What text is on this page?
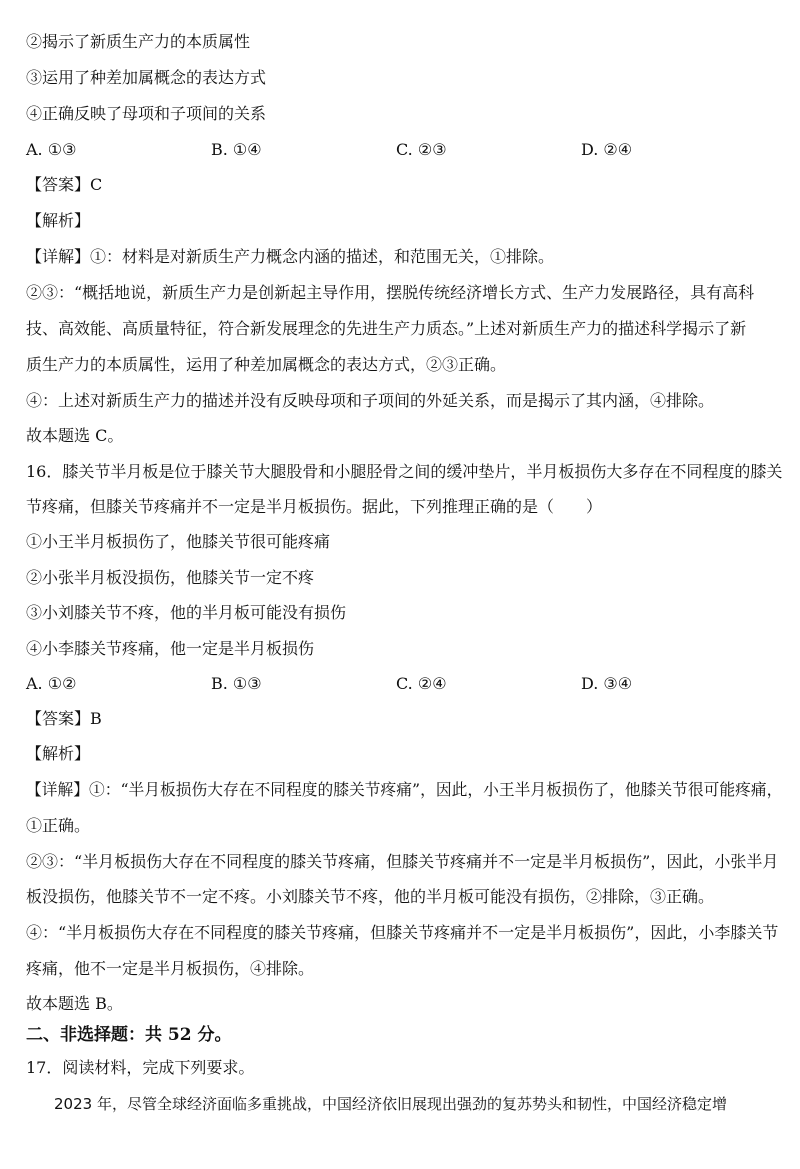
②揭示了新质生产力的本质属性
③运用了种差加属概念的表达方式
④正确反映了母项和子项间的关系
A. ①③	B. ①④	C. ②③	D. ②④
【答案】C
【解析】
【详解】①：材料是对新质生产力概念内涵的描述，和范围无关，①排除。
②③：“概括地说，新质生产力是创新起主导作用，摆脱传统经济增长方式、生产力发展路径，具有高科
技、高效能、高质量特征，符合新发展理念的先进生产力质态。”上述对新质生产力的描述科学揭示了新
质生产力的本质属性，运用了种差加属概念的表达方式，②③正确。
④：上述对新质生产力的描述并没有反映母项和子项间的外延关系，而是揭示了其内涵，④排除。
故本题选 C。
16．膝关节半月板是位于膝关节大腿股骨和小腿胫骨之间的缓冲垫片，半月板损伤大多存在不同程度的膝关
节疼痛，但膝关节疼痛并不一定是半月板损伤。据此，下列推理正确的是（　　）
①小王半月板损伤了，他膝关节很可能疼痛
②小张半月板没损伤，他膝关节一定不疼
③小刘膝关节不疼，他的半月板可能没有损伤
④小李膝关节疼痛，他一定是半月板损伤
A. ①②	B. ①③	C. ②④	D. ③④
【答案】B
【解析】
【详解】①：“半月板损伤大存在不同程度的膝关节疼痛”，因此，小王半月板损伤了，他膝关节很可能疼痛，
①正确。
②③：“半月板损伤大存在不同程度的膝关节疼痛，但膝关节疼痛并不一定是半月板损伤”，因此，小张半月
板没损伤，他膝关节不一定不疼。小刘膝关节不疼，他的半月板可能没有损伤，②排除，③正确。
④：“半月板损伤大存在不同程度的膝关节疼痛，但膝关节疼痛并不一定是半月板损伤”，因此，小李膝关节
疼痛，他不一定是半月板损伤，④排除。
故本题选 B。
二、非选择题：共 52 分。
17．阅读材料，完成下列要求。
2023 年，尽管全球经济面临多重挑战，中国经济依旧展现出强劲的复苏势头和韧性，中国经济稳定增
